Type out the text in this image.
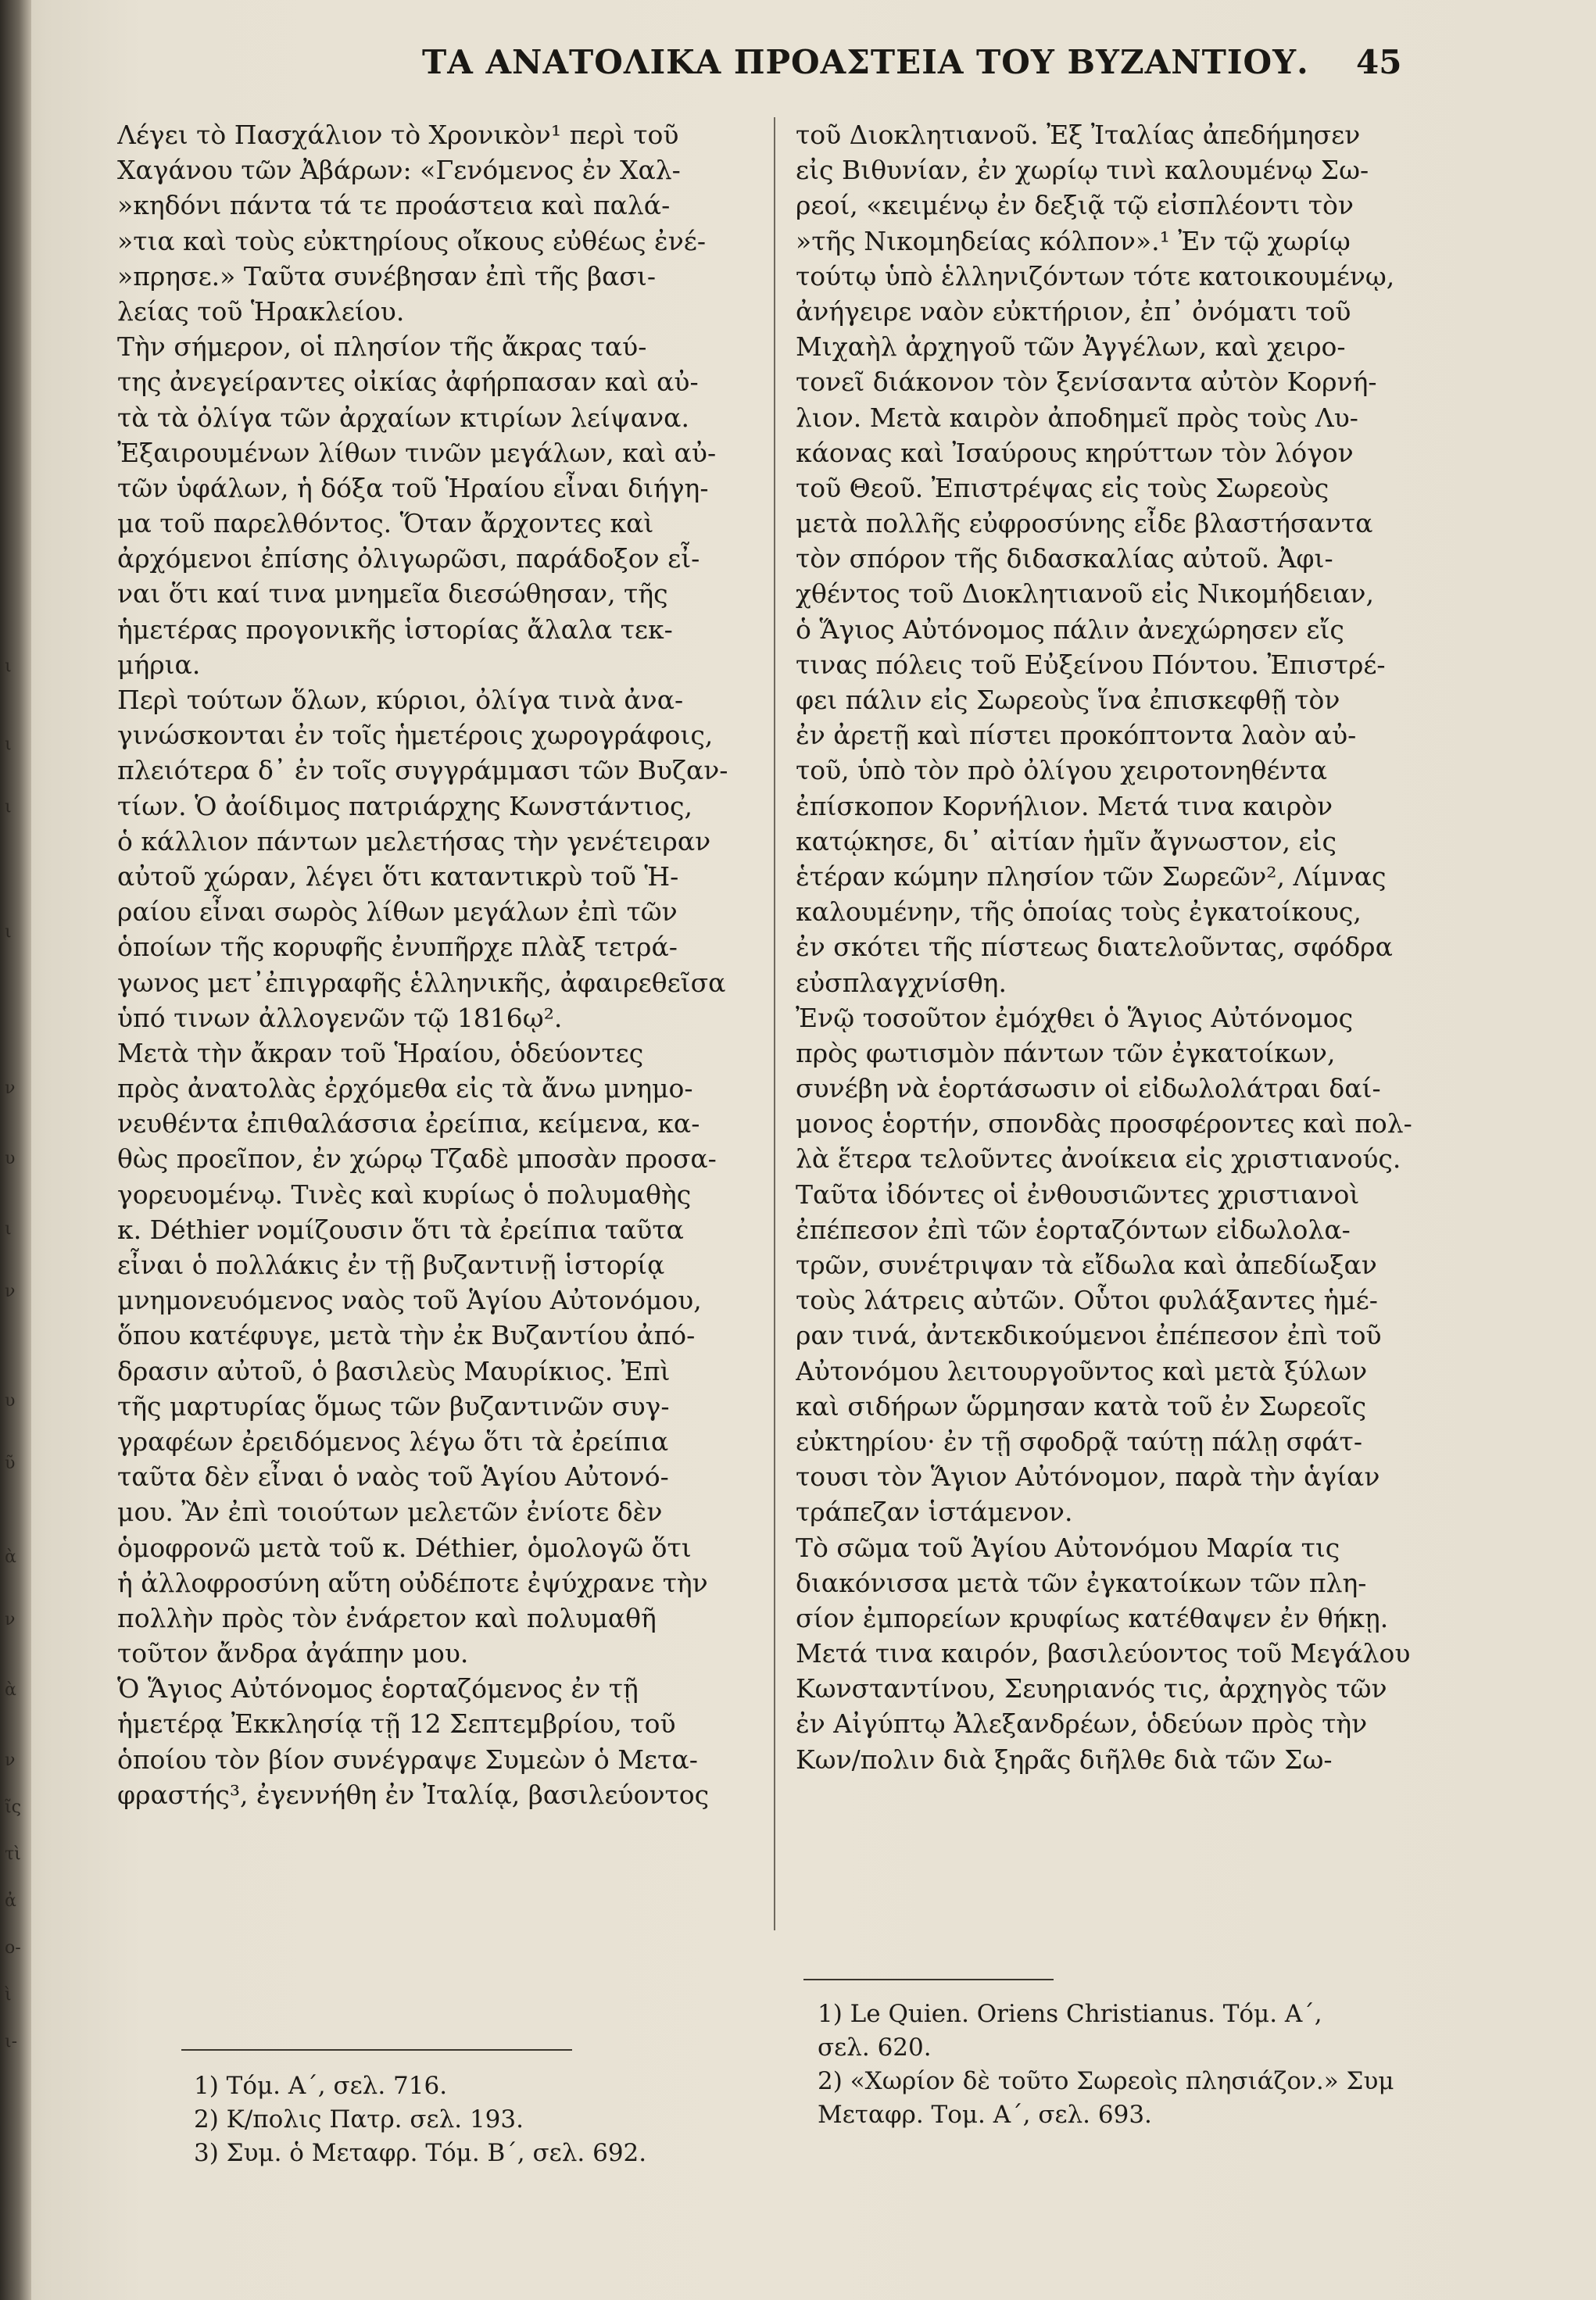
ι
ι
ι
ι
ν
υ
ι
ν
υ
ῦ
ὰ
ν
ὰ
ν
ῖς
τὶ
ἀ
ο-
ὶ
ι-
ΤΑ ΑΝΑΤΟΛΙΚΑ ΠΡΟΑΣΤΕΙΑ ΤΟΥ ΒΥΖΑΝΤΙΟΥ. 45
Λέγει τὸ Πασχάλιον τὸ Χρονικὸν¹ περὶ τοῦ
Χαγάνου τῶν Ἀβάρων: «Γενόμενος ἐν Χαλ-
»κηδόνι πάντα τά τε προάστεια καὶ παλά-
»τια καὶ τοὺς εὐκτηρίους οἴκους εὐθέως ἐνέ-
»πρησε.» Ταῦτα συνέβησαν ἐπὶ τῆς βασι-
λείας τοῦ Ἡρακλείου.
Τὴν σήμερον, οἱ πλησίον τῆς ἄκρας ταύ-
της ἀνεγείραντες οἰκίας ἀφήρπασαν καὶ αὐ-
τὰ τὰ ὀλίγα τῶν ἀρχαίων κτιρίων λείψανα.
Ἐξαιρουμένων λίθων τινῶν μεγάλων, καὶ αὐ-
τῶν ὑφάλων, ἡ δόξα τοῦ Ἡραίου εἶναι διήγη-
μα τοῦ παρελθόντος. Ὅταν ἄρχοντες καὶ
ἀρχόμενοι ἐπίσης ὀλιγωρῶσι, παράδοξον εἶ-
ναι ὅτι καί τινα μνημεῖα διεσώθησαν, τῆς
ἡμετέρας προγονικῆς ἱστορίας ἄλαλα τεκ-
μήρια.
Περὶ τούτων ὅλων, κύριοι, ὀλίγα τινὰ ἀνα-
γινώσκονται ἐν τοῖς ἡμετέροις χωρογράφοις,
πλειότερα δ᾽ ἐν τοῖς συγγράμμασι τῶν Βυζαν-
τίων. Ὁ ἀοίδιμος πατριάρχης Κωνστάντιος,
ὁ κάλλιον πάντων μελετήσας τὴν γενέτειραν
αὐτοῦ χώραν, λέγει ὅτι καταντικρὺ τοῦ Ἡ-
ραίου εἶναι σωρὸς λίθων μεγάλων ἐπὶ τῶν
ὁποίων τῆς κορυφῆς ἐνυπῆρχε πλὰξ τετρά-
γωνος μετ᾽ἐπιγραφῆς ἑλληνικῆς, ἀφαιρεθεῖσα
ὑπό τινων ἀλλογενῶν τῷ 1816ῳ².
Μετὰ τὴν ἄκραν τοῦ Ἡραίου, ὁδεύοντες
πρὸς ἀνατολὰς ἐρχόμεθα εἰς τὰ ἄνω μνημο-
νευθέντα ἐπιθαλάσσια ἐρείπια, κείμενα, κα-
θὼς προεῖπον, ἐν χώρῳ Τζαδὲ μποσὰν προσα-
γορευομένῳ. Τινὲς καὶ κυρίως ὁ πολυμαθὴς
κ. Déthier νομίζουσιν ὅτι τὰ ἐρείπια ταῦτα
εἶναι ὁ πολλάκις ἐν τῇ βυζαντινῇ ἱστορίᾳ
μνημονευόμενος ναὸς τοῦ Ἁγίου Αὐτονόμου,
ὅπου κατέφυγε, μετὰ τὴν ἐκ Βυζαντίου ἀπό-
δρασιν αὐτοῦ, ὁ βασιλεὺς Μαυρίκιος. Ἐπὶ
τῆς μαρτυρίας ὅμως τῶν βυζαντινῶν συγ-
γραφέων ἐρειδόμενος λέγω ὅτι τὰ ἐρείπια
ταῦτα δὲν εἶναι ὁ ναὸς τοῦ Ἁγίου Αὐτονό-
μου. Ἂν ἐπὶ τοιούτων μελετῶν ἐνίοτε δὲν
ὁμοφρονῶ μετὰ τοῦ κ. Déthier, ὁμολογῶ ὅτι
ἡ ἀλλοφροσύνη αὕτη οὐδέποτε ἐψύχρανε τὴν
πολλὴν πρὸς τὸν ἐνάρετον καὶ πολυμαθῆ
τοῦτον ἄνδρα ἀγάπην μου.
Ὁ Ἅγιος Αὐτόνομος ἑορταζόμενος ἐν τῇ
ἡμετέρᾳ Ἐκκλησίᾳ τῇ 12 Σεπτεμβρίου, τοῦ
ὁποίου τὸν βίον συνέγραψε Συμεὼν ὁ Μετα-
φραστής³, ἐγεννήθη ἐν Ἰταλίᾳ, βασιλεύοντος
τοῦ Διοκλητιανοῦ. Ἐξ Ἰταλίας ἀπεδήμησεν
εἰς Βιθυνίαν, ἐν χωρίῳ τινὶ καλουμένῳ Σω-
ρεοί, «κειμένῳ ἐν δεξιᾷ τῷ εἰσπλέοντι τὸν
»τῆς Νικομηδείας κόλπον».¹ Ἐν τῷ χωρίῳ
τούτῳ ὑπὸ ἑλληνιζόντων τότε κατοικουμένῳ,
ἀνήγειρε ναὸν εὐκτήριον, ἐπ᾽ ὀνόματι τοῦ
Μιχαὴλ ἀρχηγοῦ τῶν Ἀγγέλων, καὶ χειρο-
τονεῖ διάκονον τὸν ξενίσαντα αὐτὸν Κορνή-
λιον. Μετὰ καιρὸν ἀποδημεῖ πρὸς τοὺς Λυ-
κάονας καὶ Ἰσαύρους κηρύττων τὸν λόγον
τοῦ Θεοῦ. Ἐπιστρέψας εἰς τοὺς Σωρεοὺς
μετὰ πολλῆς εὐφροσύνης εἶδε βλαστήσαντα
τὸν σπόρον τῆς διδασκαλίας αὐτοῦ. Ἀφι-
χθέντος τοῦ Διοκλητιανοῦ εἰς Νικομήδειαν,
ὁ Ἅγιος Αὐτόνομος πάλιν ἀνεχώρησεν εἴς
τινας πόλεις τοῦ Εὐξείνου Πόντου. Ἐπιστρέ-
φει πάλιν εἰς Σωρεοὺς ἵνα ἐπισκεφθῇ τὸν
ἐν ἀρετῇ καὶ πίστει προκόπτοντα λαὸν αὐ-
τοῦ, ὑπὸ τὸν πρὸ ὀλίγου χειροτονηθέντα
ἐπίσκοπον Κορνήλιον. Μετά τινα καιρὸν
κατῴκησε, δι᾽ αἰτίαν ἡμῖν ἄγνωστον, εἰς
ἑτέραν κώμην πλησίον τῶν Σωρεῶν², Λίμνας
καλουμένην, τῆς ὁποίας τοὺς ἐγκατοίκους,
ἐν σκότει τῆς πίστεως διατελοῦντας, σφόδρα
εὐσπλαγχνίσθη.
Ἐνῷ τοσοῦτον ἐμόχθει ὁ Ἅγιος Αὐτόνομος
πρὸς φωτισμὸν πάντων τῶν ἐγκατοίκων,
συνέβη νὰ ἑορτάσωσιν οἱ εἰδωλολάτραι δαί-
μονος ἑορτήν, σπονδὰς προσφέροντες καὶ πολ-
λὰ ἕτερα τελοῦντες ἀνοίκεια εἰς χριστιανούς.
Ταῦτα ἰδόντες οἱ ἐνθουσιῶντες χριστιανοὶ
ἐπέπεσον ἐπὶ τῶν ἑορταζόντων εἰδωλολα-
τρῶν, συνέτριψαν τὰ εἴδωλα καὶ ἀπεδίωξαν
τοὺς λάτρεις αὐτῶν. Οὗτοι φυλάξαντες ἡμέ-
ραν τινά, ἀντεκδικούμενοι ἐπέπεσον ἐπὶ τοῦ
Αὐτονόμου λειτουργοῦντος καὶ μετὰ ξύλων
καὶ σιδήρων ὥρμησαν κατὰ τοῦ ἐν Σωρεοῖς
εὐκτηρίου· ἐν τῇ σφοδρᾷ ταύτῃ πάλῃ σφάτ-
τουσι τὸν Ἅγιον Αὐτόνομον, παρὰ τὴν ἁγίαν
τράπεζαν ἱστάμενον.
Τὸ σῶμα τοῦ Ἁγίου Αὐτονόμου Μαρία τις
διακόνισσα μετὰ τῶν ἐγκατοίκων τῶν πλη-
σίον ἐμπορείων κρυφίως κατέθαψεν ἐν θήκῃ.
Μετά τινα καιρόν, βασιλεύοντος τοῦ Μεγάλου
Κωνσταντίνου, Σευηριανός τις, ἀρχηγὸς τῶν
ἐν Αἰγύπτῳ Ἀλεξανδρέων, ὁδεύων πρὸς τὴν
Κων/πολιν διὰ ξηρᾶς διῆλθε διὰ τῶν Σω-
1) Τόμ. Α΄, σελ. 716.
2) Κ/πολις Πατρ. σελ. 193.
3) Συμ. ὁ Μεταφρ. Τόμ. Β΄, σελ. 692.
1) Le Quien. Oriens Christianus. Τόμ. Α΄,
σελ. 620.
2) «Χωρίον δὲ τοῦτο Σωρεοὶς πλησιάζον.» Συμ
Μεταφρ. Τομ. Α΄, σελ. 693.
